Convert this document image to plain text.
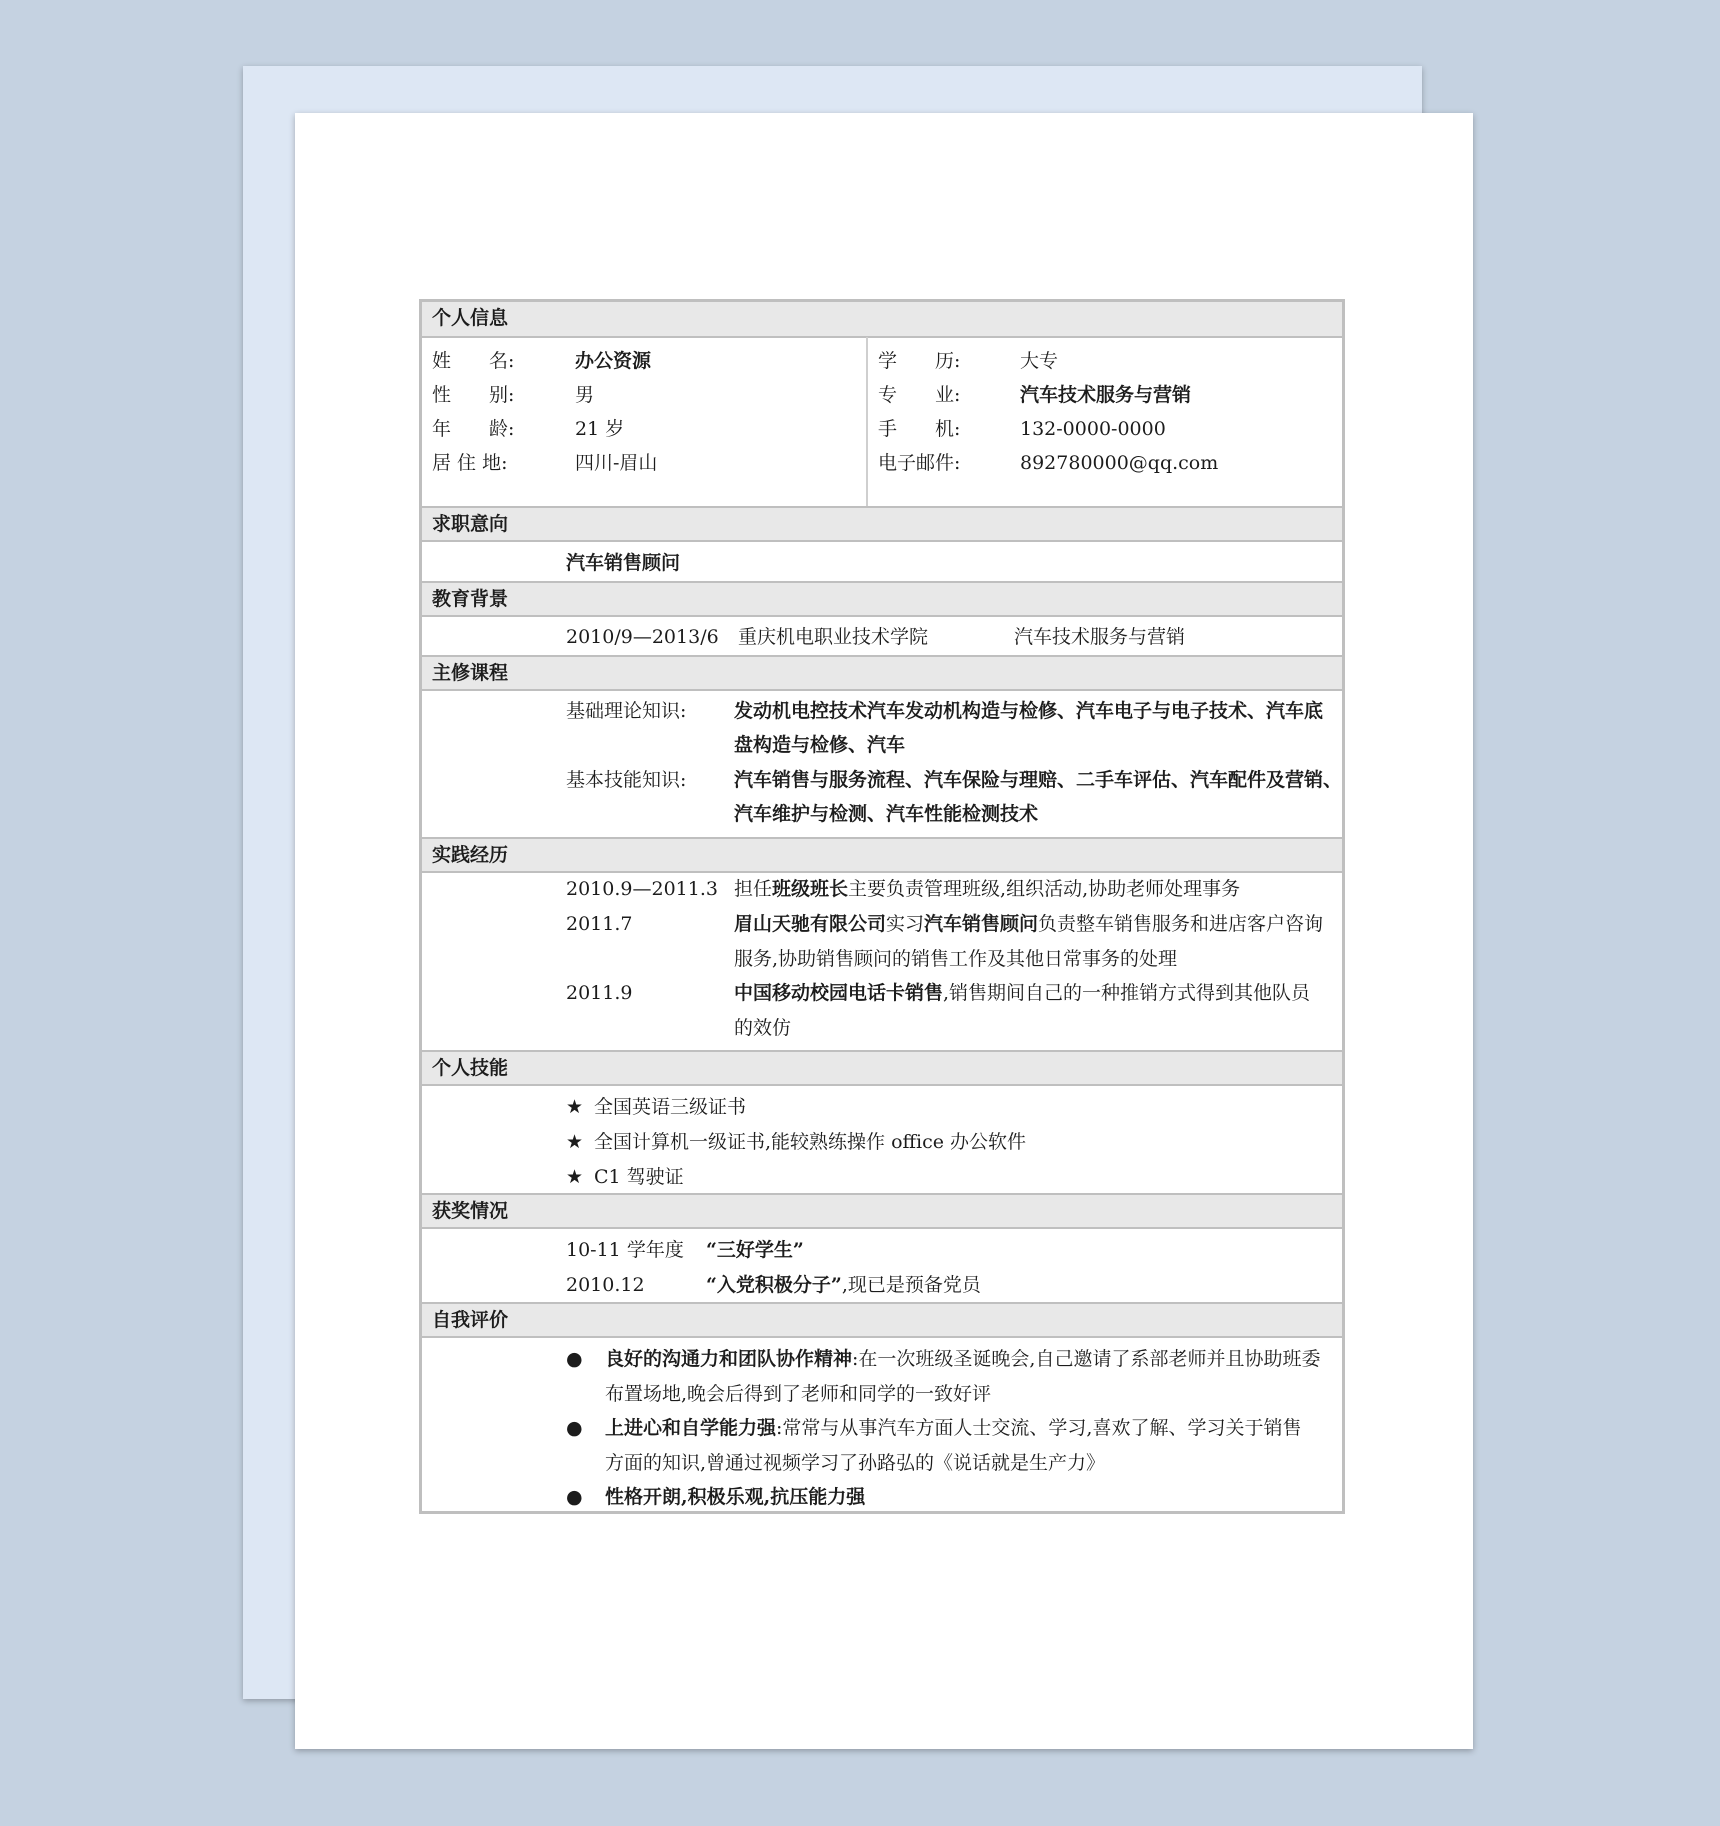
个人信息
姓　　名:	办公资源
性　　别:	男
年　　龄:	21 岁
居 住 地:	四川-眉山
学　　历:	大专
专　　业:	汽车技术服务与营销
手　　机:	132-0000-0000
电子邮件:	892780000@qq.com
求职意向
汽车销售顾问
教育背景
2010/9—2013/6 重庆机电职业技术学院	汽车技术服务与营销
主修课程
基础理论知识:	发动机电控技术汽车发动机构造与检修、汽车电子与电子技术、汽车底
盘构造与检修、汽车
基本技能知识:	汽车销售与服务流程、汽车保险与理赔、二手车评估、汽车配件及营销、
汽车维护与检测、汽车性能检测技术
实践经历
2010.9—2011.3 担任班级班长主要负责管理班级,组织活动,协助老师处理事务
2011.7	眉山天驰有限公司实习汽车销售顾问负责整车销售服务和进店客户咨询
服务,协助销售顾问的销售工作及其他日常事务的处理
2011.9	中国移动校园电话卡销售,销售期间自己的一种推销方式得到其他队员
的效仿
个人技能
★ 全国英语三级证书
★ 全国计算机一级证书,能较熟练操作 office 办公软件
★ C1 驾驶证
获奖情况
10-11 学年度 “三好学生”
2010.12	“入党积极分子”,现已是预备党员
自我评价
● 良好的沟通力和团队协作精神:在一次班级圣诞晚会,自己邀请了系部老师并且协助班委
布置场地,晚会后得到了老师和同学的一致好评
● 上进心和自学能力强:常常与从事汽车方面人士交流、学习,喜欢了解、学习关于销售
方面的知识,曾通过视频学习了孙路弘的《说话就是生产力》
● 性格开朗,积极乐观,抗压能力强
